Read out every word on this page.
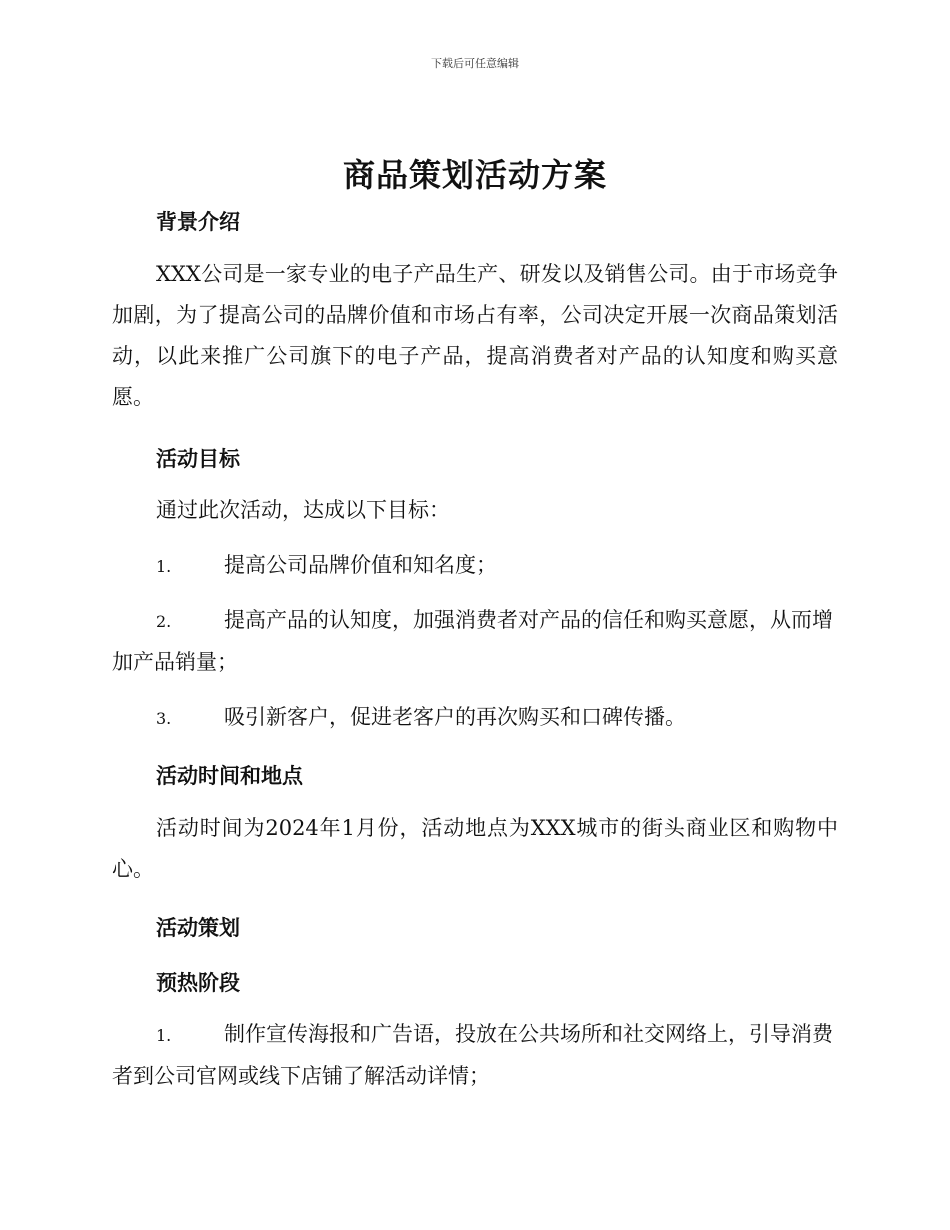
下载后可任意编辑
商品策划活动方案
背景介绍
XXX公司是一家专业的电子产品生产、研发以及销售公司。由于市场竞争加剧，为了提高公司的品牌价值和市场占有率，公司决定开展一次商品策划活动，以此来推广公司旗下的电子产品，提高消费者对产品的认知度和购买意愿。
活动目标
通过此次活动，达成以下目标：
1.	提高公司品牌价值和知名度；
2.	提高产品的认知度，加强消费者对产品的信任和购买意愿，从而增加产品销量；
3.	吸引新客户，促进老客户的再次购买和口碑传播。
活动时间和地点
活动时间为2024年1月份，活动地点为XXX城市的街头商业区和购物中心。
活动策划
预热阶段
1.	制作宣传海报和广告语，投放在公共场所和社交网络上，引导消费者到公司官网或线下店铺了解活动详情；
